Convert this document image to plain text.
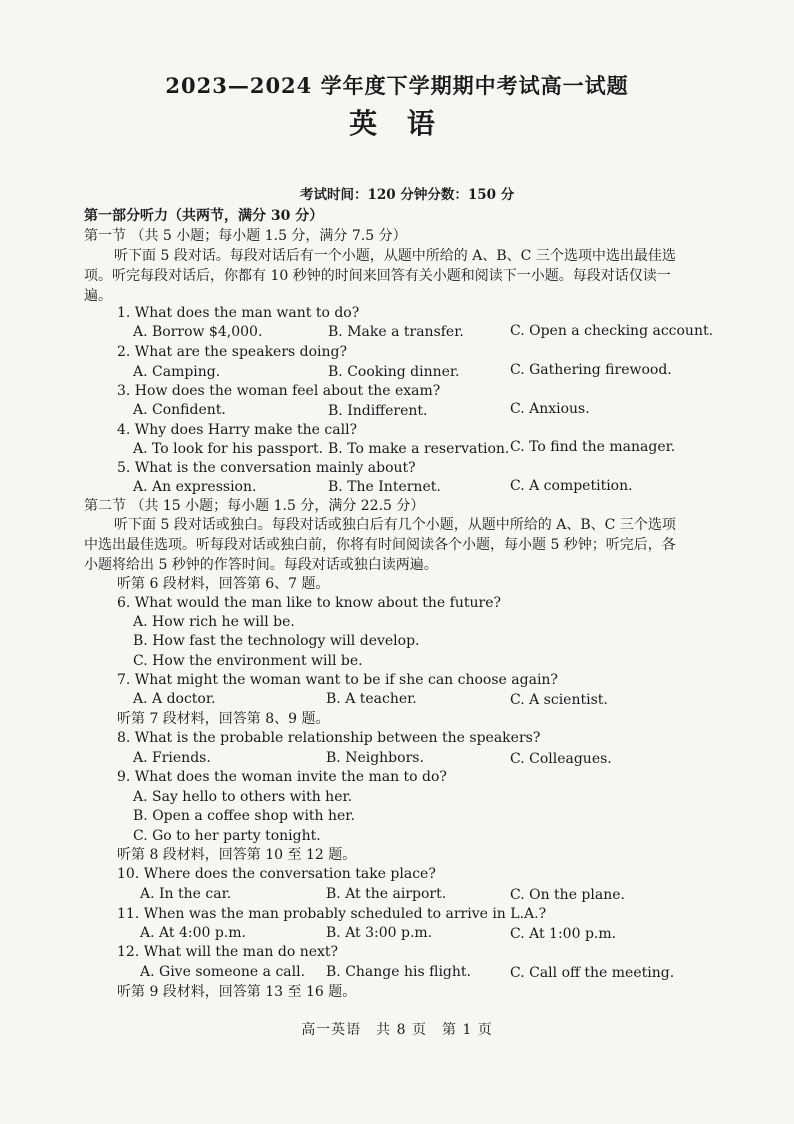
2023—2024 学年度下学期期中考试高一试题
英 语
考试时间：120 分钟分数：150 分
第一部分听力（共两节，满分 30 分）
第一节 （共 5 小题；每小题 1.5 分，满分 7.5 分）
听下面 5 段对话。每段对话后有一个小题，从题中所给的 A、B、C 三个选项中选出最佳选
项。听完每段对话后，你都有 10 秒钟的时间来回答有关小题和阅读下一小题。每段对话仅读一
遍。
1. What does the man want to do?
A. Borrow $4,000.	B. Make a transfer.	C. Open a checking account.
2. What are the speakers doing?
A. Camping.	B. Cooking dinner.	C. Gathering firewood.
3. How does the woman feel about the exam?
A. Confident.	B. Indifferent.	C. Anxious.
4. Why does Harry make the call?
A. To look for his passport. B. To make a reservation. C. To find the manager.
5. What is the conversation mainly about?
A. An expression.	B. The Internet.	C. A competition.
第二节 （共 15 小题；每小题 1.5 分，满分 22.5 分）
听下面 5 段对话或独白。每段对话或独白后有几个小题，从题中所给的 A、B、C 三个选项
中选出最佳选项。听每段对话或独白前，你将有时间阅读各个小题，每小题 5 秒钟；听完后，各
小题将给出 5 秒钟的作答时间。每段对话或独白读两遍。
听第 6 段材料，回答第 6、7 题。
6. What would the man like to know about the future?
A. How rich he will be.
B. How fast the technology will develop.
C. How the environment will be.
7. What might the woman want to be if she can choose again?
A. A doctor.	B. A teacher.	C. A scientist.
听第 7 段材料，回答第 8、9 题。
8. What is the probable relationship between the speakers?
A. Friends.	B. Neighbors.	C. Colleagues.
9. What does the woman invite the man to do?
A. Say hello to others with her.
B. Open a coffee shop with her.
C. Go to her party tonight.
听第 8 段材料，回答第 10 至 12 题。
10. Where does the conversation take place?
A. In the car.	B. At the airport.	C. On the plane.
11. When was the man probably scheduled to arrive in L.A.?
A. At 4:00 p.m.	B. At 3:00 p.m.	C. At 1:00 p.m.
12. What will the man do next?
A. Give someone a call. B. Change his flight.	C. Call off the meeting.
听第 9 段材料，回答第 13 至 16 题。
高一英语　共 8 页　第 1 页
